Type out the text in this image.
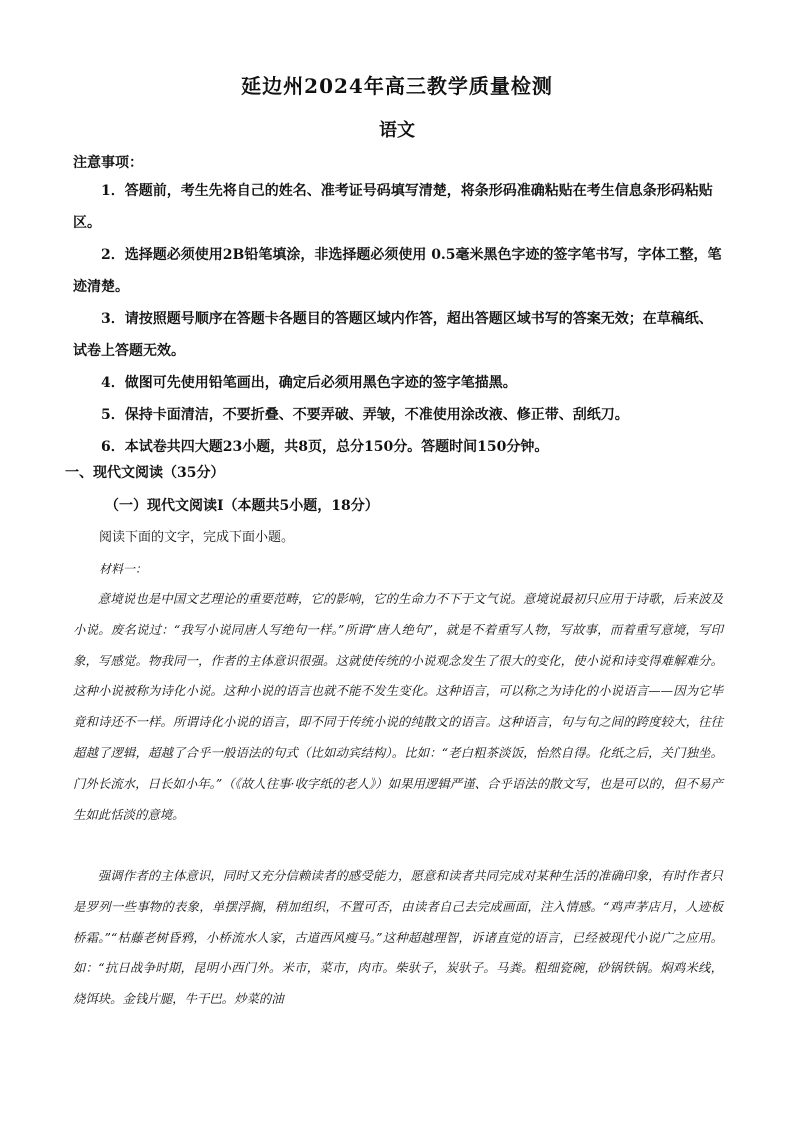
延边州2024年高三教学质量检测
语文
注意事项：

1．答题前，考生先将自己的姓名、准考证号码填写清楚，将条形码准确粘贴在考生信息条形码粘贴区。

2．选择题必须使用2B铅笔填涂，非选择题必须使用 0.5毫米黑色字迹的签字笔书写，字体工整，笔迹清楚。

3．请按照题号顺序在答题卡各题目的答题区域内作答，超出答题区域书写的答案无效；在草稿纸、试卷上答题无效。

4．做图可先使用铅笔画出，确定后必须用黑色字迹的签字笔描黑。

5．保持卡面清洁，不要折叠、不要弄破、弄皱，不准使用涂改液、修正带、刮纸刀。

6．本试卷共四大题23小题，共8页，总分150分。答题时间150分钟。

一、现代文阅读（35分）
（一）现代文阅读Ⅰ（本题共5小题，18分）
阅读下面的文字，完成下面小题。
材料一：

意境说也是中国文艺理论的重要范畴，它的影响，它的生命力不下于文气说。意境说最初只应用于诗歌，后来波及小说。废名说过：“我写小说同唐人写绝句一样。”所谓“唐人绝句”，就是不着重写人物，写故事，而着重写意境，写印象，写感觉。物我同一，作者的主体意识很强。这就使传统的小说观念发生了很大的变化，使小说和诗变得难解难分。这种小说被称为诗化小说。这种小说的语言也就不能不发生变化。这种语言，可以称之为诗化的小说语言——因为它毕竟和诗还不一样。所谓诗化小说的语言，即不同于传统小说的纯散文的语言。这种语言，句与句之间的跨度较大，往往超越了逻辑，超越了合乎一般语法的句式（比如动宾结构）。比如：“老白粗茶淡饭，怡然自得。化纸之后，关门独坐。门外长流水，日长如小年。”（《故人往事·收字纸的老人》）如果用逻辑严谨、合乎语法的散文写，也是可以的，但不易产生如此恬淡的意境。

强调作者的主体意识，同时又充分信赖读者的感受能力，愿意和读者共同完成对某种生活的准确印象，有时作者只是罗列一些事物的表象，单摆浮搁，稍加组织，不置可否，由读者自己去完成画面，注入情感。“鸡声茅店月，人迹板桥霜。”“枯藤老树昏鸦，小桥流水人家，古道西风瘦马。”这种超越理智，诉诸直觉的语言，已经被现代小说广之应用。如：“抗日战争时期，昆明小西门外。米市，菜市，肉市。柴驮子，炭驮子。马粪。粗细瓷碗，砂锅铁锅。焖鸡米线，烧饵块。金钱片腿，牛干巴。炒菜的油
